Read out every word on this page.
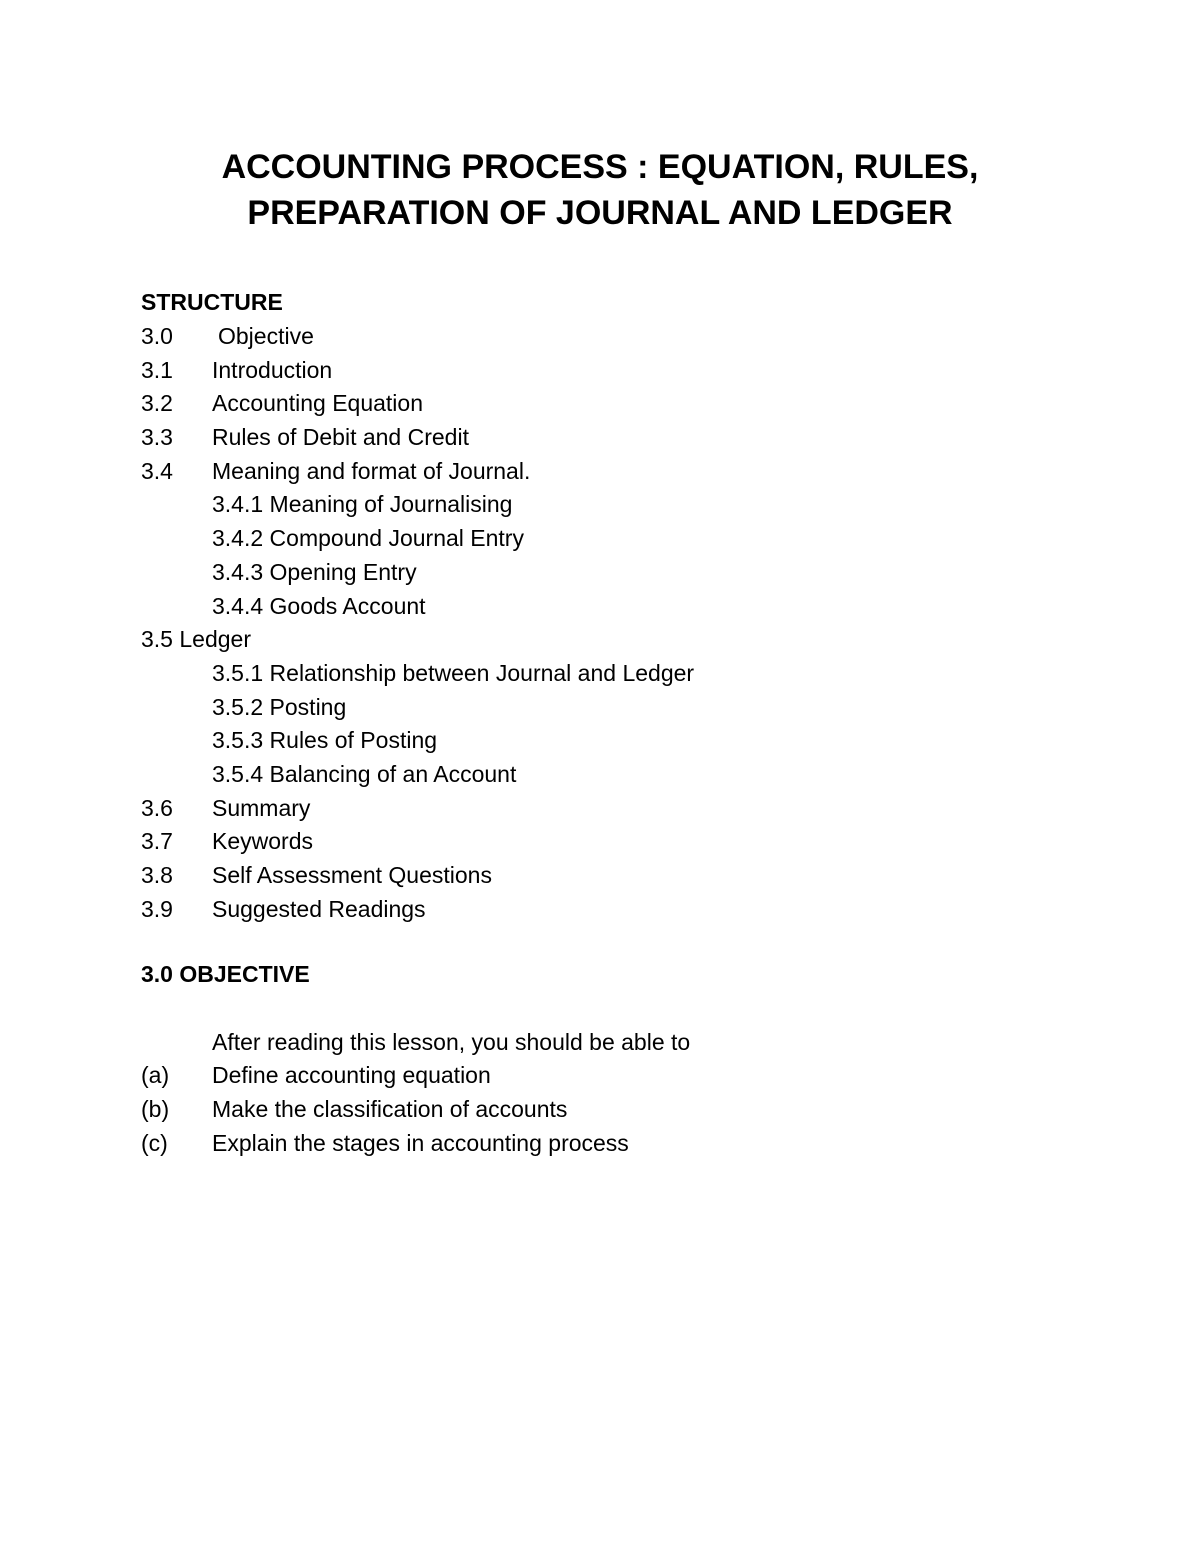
ACCOUNTING PROCESS : EQUATION, RULES,
PREPARATION OF JOURNAL AND LEDGER
STRUCTURE
3.0 Objective
3.1 Introduction
3.2 Accounting Equation
3.3 Rules of Debit and Credit
3.4 Meaning and format of Journal.
3.4.1 Meaning of Journalising
3.4.2 Compound Journal Entry
3.4.3 Opening Entry
3.4.4 Goods Account
3.5 Ledger
3.5.1 Relationship between Journal and Ledger
3.5.2 Posting
3.5.3 Rules of Posting
3.5.4 Balancing of an Account
3.6 Summary
3.7 Keywords
3.8 Self Assessment Questions
3.9 Suggested Readings
3.0 OBJECTIVE
After reading this lesson, you should be able to
(a) Define accounting equation
(b) Make the classification of accounts
(c) Explain the stages in accounting process
